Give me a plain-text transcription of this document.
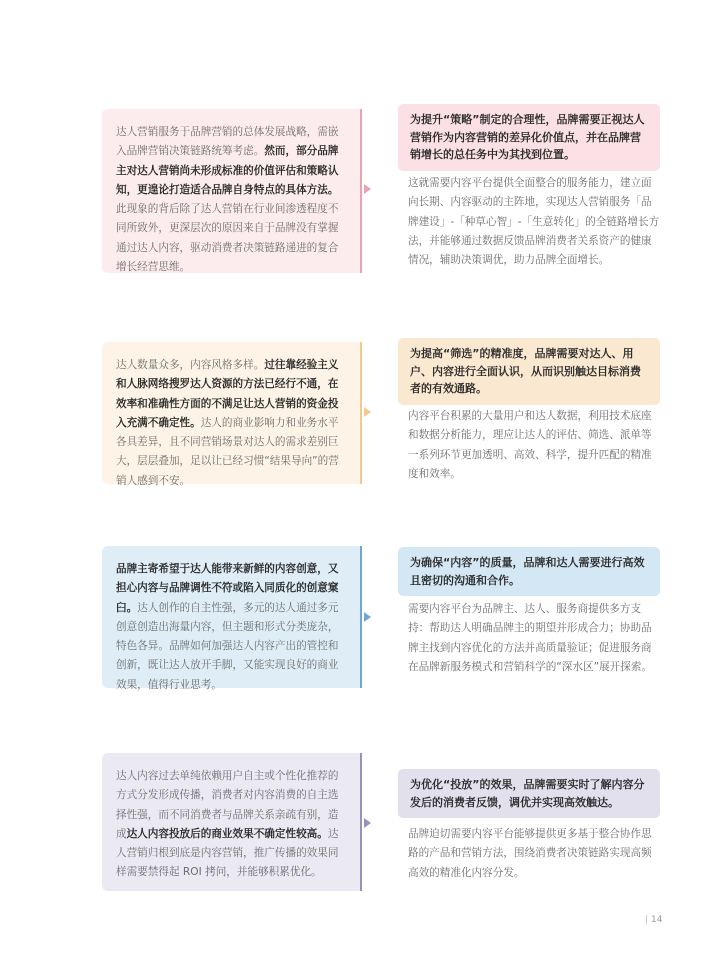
达人营销服务于品牌营销的总体发展战略，需嵌入品牌营销决策链路统筹考虑。然而，部分品牌主对达人营销尚未形成标准的价值评估和策略认知，更遑论打造适合品牌自身特点的具体方法。此现象的背后除了达人营销在行业间渗透程度不同所致外，更深层次的原因来自于品牌没有掌握通过达人内容，驱动消费者决策链路递进的复合增长经营思维。
为提升“策略”制定的合理性，品牌需要正视达人营销作为内容营销的差异化价值点，并在品牌营销增长的总任务中为其找到位置。
这就需要内容平台提供全面整合的服务能力，建立面向长期、内容驱动的主阵地，实现达人营销服务「品牌建设」-「种草心智」-「生意转化」的全链路增长方法，并能够通过数据反馈品牌消费者关系资产的健康情况，辅助决策调优，助力品牌全面增长。
达人数量众多，内容风格多样。过往靠经验主义和人脉网络搜罗达人资源的方法已经行不通，在效率和准确性方面的不满足让达人营销的资金投入充满不确定性。达人的商业影响力和业务水平各具差异，且不同营销场景对达人的需求差别巨大，层层叠加，足以让已经习惯“结果导向”的营销人感到不安。
为提高“筛选”的精准度，品牌需要对达人、用户、内容进行全面认识，从而识别触达目标消费者的有效通路。
内容平台积累的大量用户和达人数据，利用技术底座和数据分析能力，理应让达人的评估、筛选、派单等一系列环节更加透明、高效、科学，提升匹配的精准度和效率。
品牌主寄希望于达人能带来新鲜的内容创意，又担心内容与品牌调性不符或陷入同质化的创意窠臼。达人创作的自主性强，多元的达人通过多元创意创造出海量内容，但主题和形式分类庞杂，特色各异。品牌如何加强达人内容产出的管控和创新，既让达人放开手脚，又能实现良好的商业效果，值得行业思考。
为确保“内容”的质量，品牌和达人需要进行高效且密切的沟通和合作。
需要内容平台为品牌主、达人、服务商提供多方支持：帮助达人明确品牌主的期望并形成合力；协助品牌主找到内容优化的方法并高质量验证；促进服务商在品牌新服务模式和营销科学的“深水区”展开探索。
达人内容过去单纯依赖用户自主或个性化推荐的方式分发形成传播，消费者对内容消费的自主选择性强，而不同消费者与品牌关系亲疏有别，造成达人内容投放后的商业效果不确定性较高。达人营销归根到底是内容营销，推广传播的效果同样需要禁得起 ROI 拷问，并能够积累优化。
为优化“投放”的效果，品牌需要实时了解内容分发后的消费者反馈，调优并实现高效触达。
品牌迫切需要内容平台能够提供更多基于整合协作思路的产品和营销方法，围绕消费者决策链路实现高频高效的精准化内容分发。
| 14
